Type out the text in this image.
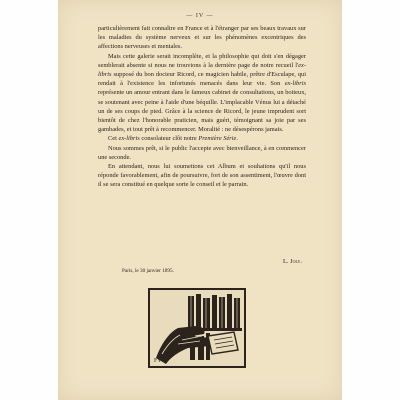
— IV —

particulièrement fait connaître en France et à l'étranger par ses beaux travaux sur les maladies du système nerveux et sur les phénomènes excentriques des affections nerveuses et mentales.

Mais cette galerie serait incomplète, et la philosophie qui doit s'en dégager semblerait absente si nous ne trouvions à la dernière page de notre recueil l'ex-libris supposé du bon docteur Ricord, ce magicien habile, prêtre d'Esculape, qui rendait à l'existence les infortunés menacés dans leur vie. Son ex-libris représente un amour entrant dans le fameux cabinet de consultations, un boiteux, se soutenant avec peine à l'aide d'une béquille. L'implacable Vénus lui a détaché un de ses coups de pied. Grâce à la science de Ricord, le jeune imprudent sort bientôt de chez l'honorable praticien, mais guéri, témoignant sa joie par ses gambades, et tout prêt à recommencer. Moralité : ne désespérons jamais.

Cet ex-libris consolateur clôt notre Première Série.

Nous sommes prêt, si le public l'accepte avec bienveillance, à en commencer une seconde.

En attendant, nous lui soumettons cet Album et souhaitons qu'il nous réponde favorablement, afin de poursuivre, fort de son assentiment, l'œuvre dont il se sera constitué en quelque sorte le conseil et le parrain.

L. Joly.
Paris, le 30 janvier 1895.
FV
